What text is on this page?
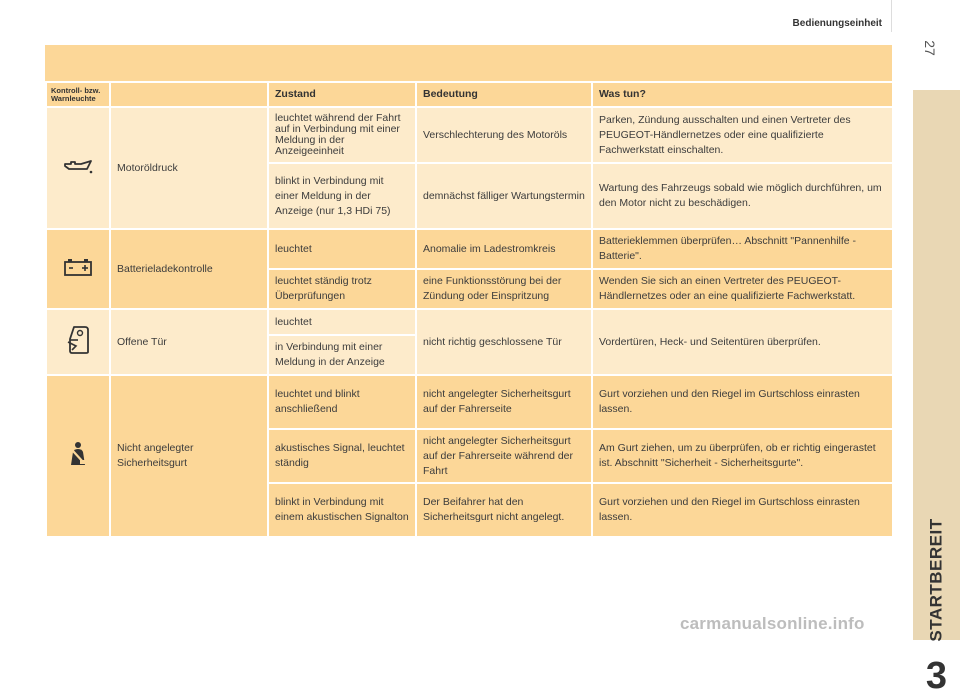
Bedienungseinheit
27
STARTBEREIT
3
carmanualsonline.info
Kontroll- bzw. Warnleuchte		Zustand	Bedeutung	Was tun?
	Motoröldruck	leuchtet während der Fahrt auf in Verbindung mit einer Meldung in der Anzeigeeinheit	Verschlechterung des Motoröls	Parken, Zündung ausschalten und einen Vertreter des PEUGEOT-Händlernetzes oder eine qualifizierte Fachwerkstatt einschalten.
		blinkt in Verbindung mit einer Meldung in der Anzeige (nur 1,3 HDi 75)	demnächst fälliger Wartungstermin	Wartung des Fahrzeugs sobald wie möglich durchführen, um den Motor nicht zu beschädigen.
	Batterieladekontrolle	leuchtet	Anomalie im Ladestromkreis	Batterieklemmen überprüfen… Abschnitt "Pannenhilfe - Batterie".
		leuchtet ständig trotz Überprüfungen	eine Funktionsstörung bei der Zündung oder Einspritzung	Wenden Sie sich an einen Vertreter des PEUGEOT-Händlernetzes oder an eine qualifizierte Fachwerkstatt.
	Offene Tür	leuchtet	nicht richtig geschlossene Tür	Vordertüren, Heck- und Seitentüren überprüfen.
		in Verbindung mit einer Meldung in der Anzeige		
	Nicht angelegter Sicherheitsgurt	leuchtet und blinkt anschließend	nicht angelegter Sicherheitsgurt auf der Fahrerseite	Gurt vorziehen und den Riegel im Gurtschloss einrasten lassen.
		akustisches Signal, leuchtet ständig	nicht angelegter Sicherheitsgurt auf der Fahrerseite während der Fahrt	Am Gurt ziehen, um zu überprüfen, ob er richtig eingerastet ist. Abschnitt "Sicherheit - Sicherheitsgurte".
		blinkt in Verbindung mit einem akustischen Signalton	Der Beifahrer hat den Sicherheitsgurt nicht angelegt.	Gurt vorziehen und den Riegel im Gurtschloss einrasten lassen.
